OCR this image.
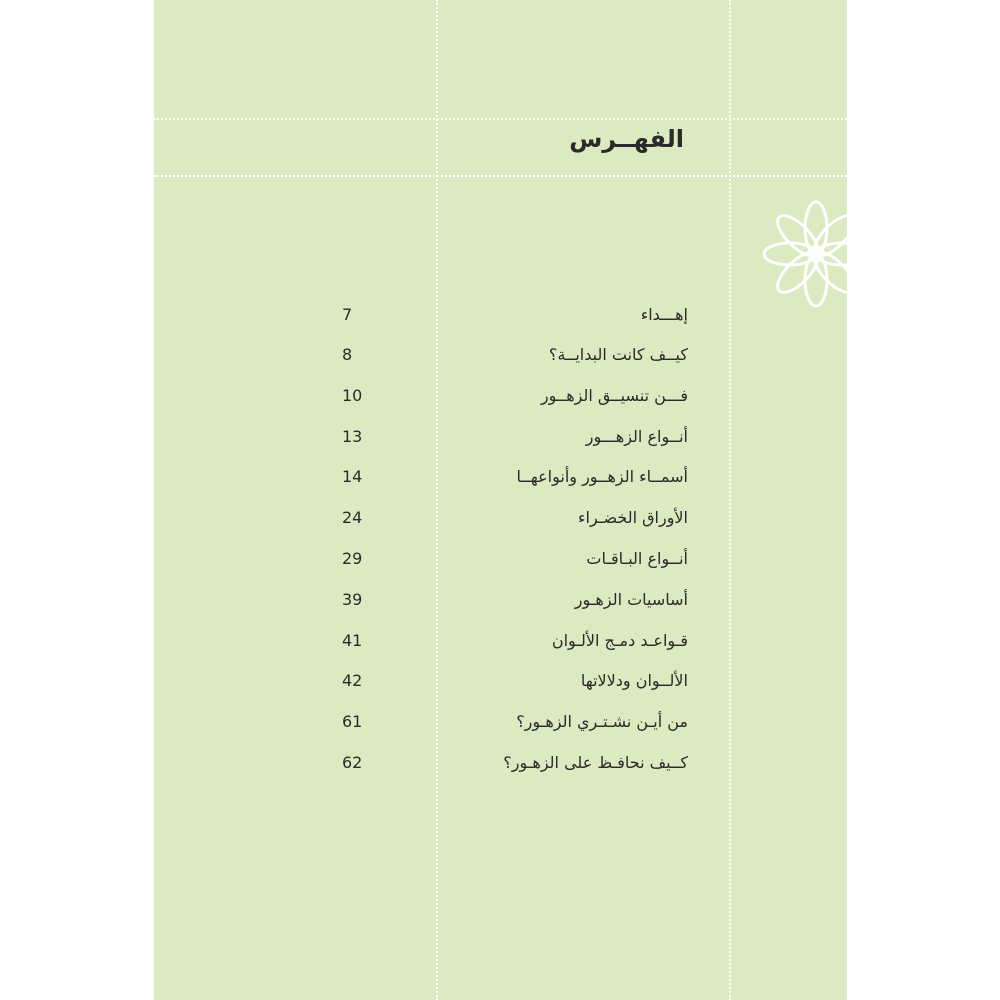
الفهــرس
إهـــداء
7
كيــف كانت البدايــة؟
8
فـــن تنسيــق الزهــور
10
أنــواع الزهـــور
13
أسمــاء الزهــور وأنواعهــا
14
الأوراق الخضـراء
24
أنــواع البـاقـات
29
أساسيات الزهـور
39
قـواعـد دمـج الألـوان
41
الألــوان ودلالاتها
42
من أيـن نشـتـري الزهـور؟
61
كــيف نحافـظ على الزهـور؟
62
